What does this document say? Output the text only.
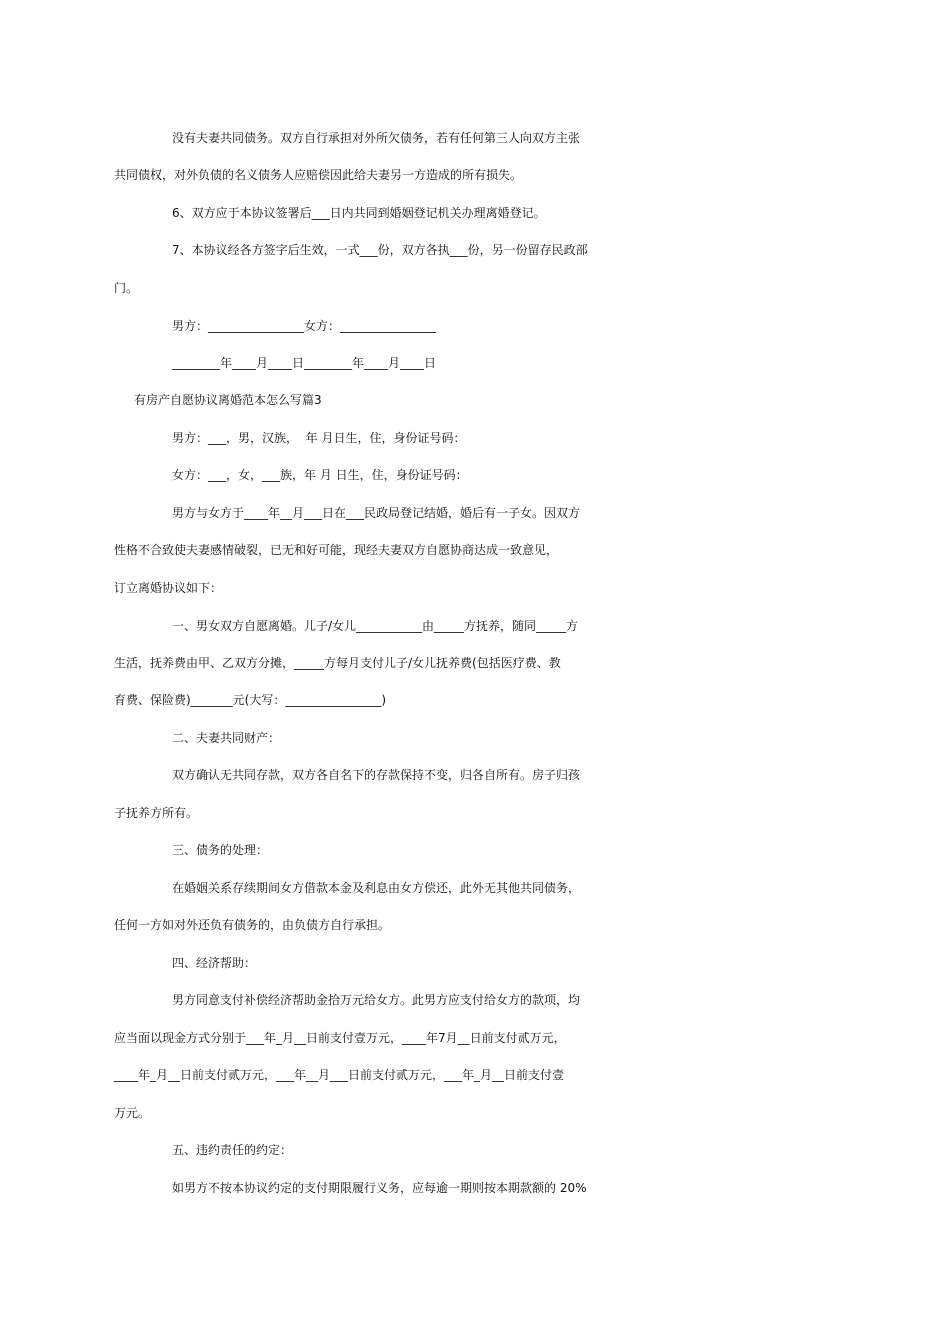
没有夫妻共同债务。双方自行承担对外所欠债务，若有任何第三人向双方主张
共同债权，对外负债的名义债务人应赔偿因此给夫妻另一方造成的所有损失。
6、双方应于本协议签署后___日内共同到婚姻登记机关办理离婚登记。
7、本协议经各方签字后生效，一式___份，双方各执___份，另一份留存民政部
门。
男方：________________女方：________________
________年____月____日________年____月____日
有房产自愿协议离婚范本怎么写篇3
男方：___，男，汉族，  年 月日生，住，身份证号码：
女方：___，女，___族，年 月 日生，住，身份证号码：
男方与女方于____年__月___日在___民政局登记结婚，婚后有一子女。因双方
性格不合致使夫妻感情破裂，已无和好可能，现经夫妻双方自愿协商达成一致意见，
订立离婚协议如下：
一、男女双方自愿离婚。儿子/女儿___________由_____方抚养，随同_____方
生活，抚养费由甲、乙双方分摊，_____方每月支付儿子/女儿抚养费(包括医疗费、教
育费、保险费)_______元(大写：________________)
二、夫妻共同财产：
双方确认无共同存款，双方各自名下的存款保持不变，归各自所有。房子归孩
子抚养方所有。
三、债务的处理：
在婚姻关系存续期间女方借款本金及利息由女方偿还，此外无其他共同债务，
任何一方如对外还负有债务的，由负债方自行承担。
四、经济帮助：
男方同意支付补偿经济帮助金拾万元给女方。此男方应支付给女方的款项，均
应当面以现金方式分别于___年_月__日前支付壹万元，____年7月__日前支付贰万元，
____年_月__日前支付贰万元，___年__月___日前支付贰万元，___年_月__日前支付壹
万元。
五、违约责任的约定：
如男方不按本协议约定的支付期限履行义务，应每逾一期则按本期款额的 20%
